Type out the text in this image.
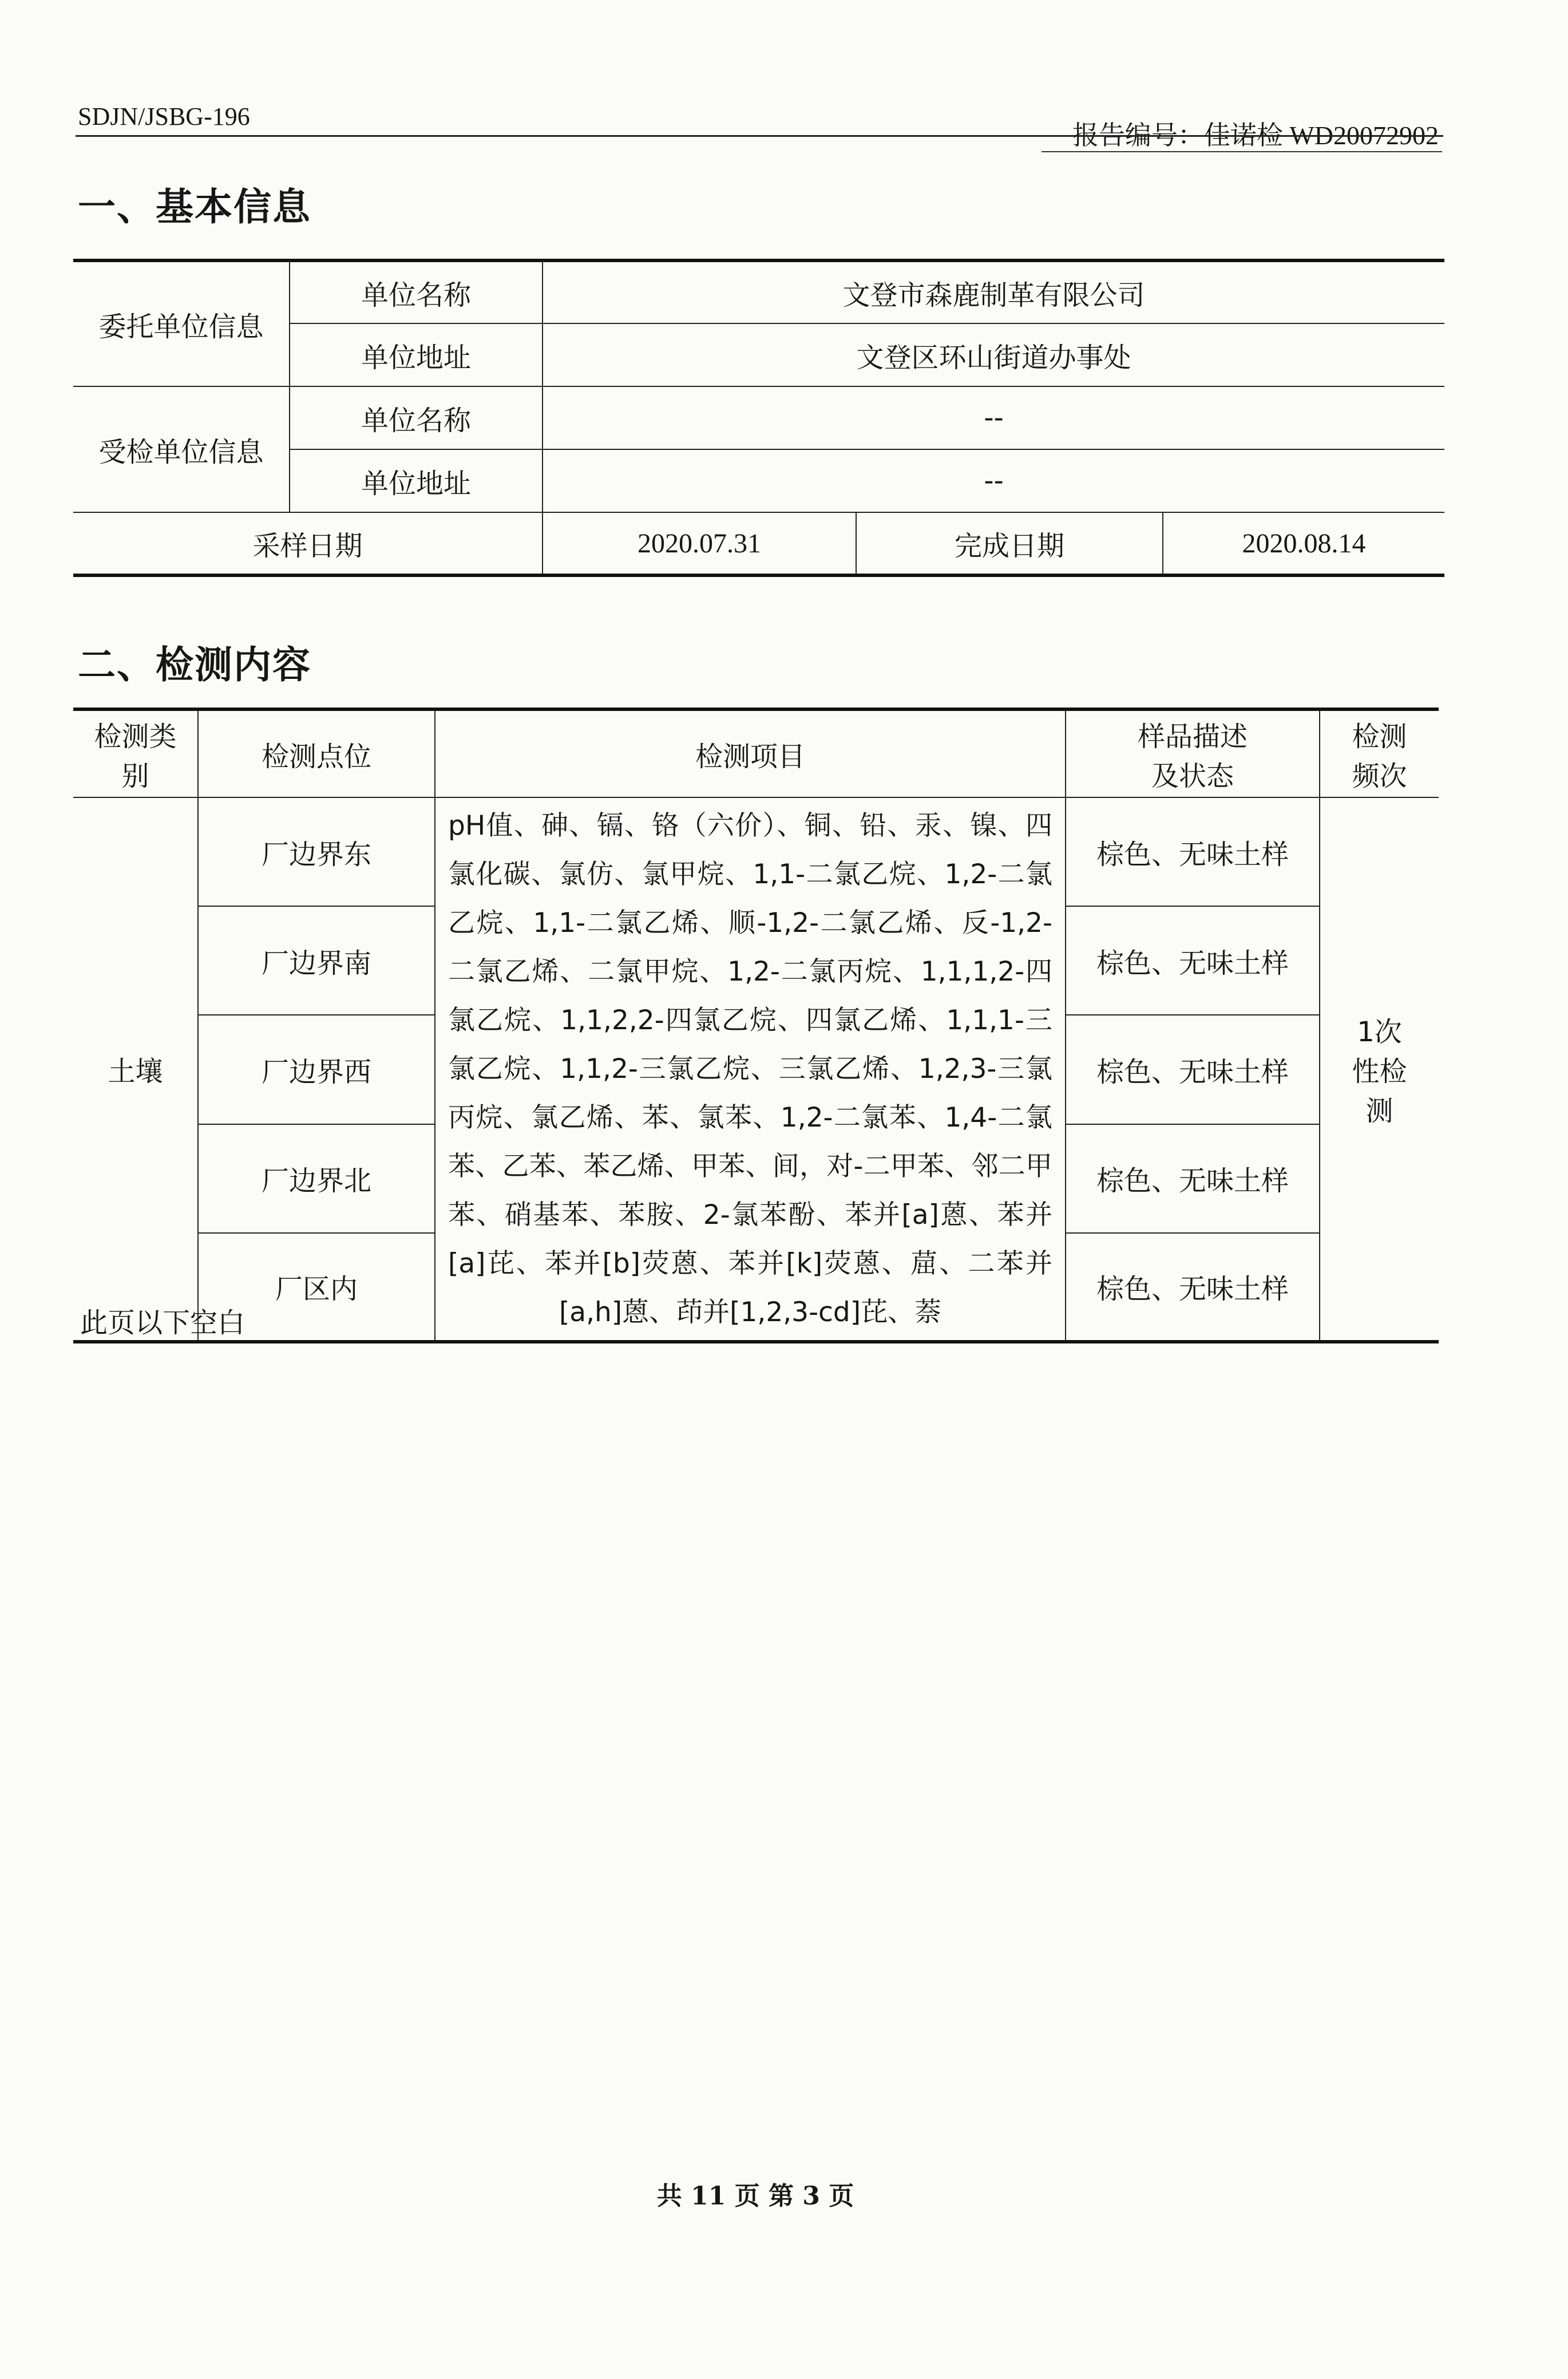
SDJN/JSBG-196
报告编号：佳诺检 WD20072902
一、基本信息
委托单位信息	单位名称	文登市森鹿制革有限公司		
	单位地址	文登区环山街道办事处		
受检单位信息	单位名称	--		
	单位地址	--		
采样日期		2020.07.31	完成日期	2020.08.14
二、检测内容
检测类别	检测点位	检测项目	样品描述及状态	检测频次
土壤	厂边界东	pH值、砷、镉、铬（六价）、铜、铅、汞、镍、四氯化碳、氯仿、氯甲烷、1,1-二氯乙烷、1,2-二氯乙烷、1,1-二氯乙烯、顺-1,2-二氯乙烯、反-1,2-二氯乙烯、二氯甲烷、1,2-二氯丙烷、1,1,1,2-四氯乙烷、1,1,2,2-四氯乙烷、四氯乙烯、1,1,1-三氯乙烷、1,1,2-三氯乙烷、三氯乙烯、1,2,3-三氯丙烷、氯乙烯、苯、氯苯、1,2-二氯苯、1,4-二氯苯、乙苯、苯乙烯、甲苯、间，对-二甲苯、邻二甲苯、硝基苯、苯胺、2-氯苯酚、苯并[a]蒽、苯并[a]芘、苯并[b]荧蒽、苯并[k]荧蒽、䓛、二苯并[a,h]蒽、茚并[1,2,3-cd]芘、萘	棕色、无味土样	1次性检测
	厂边界南		棕色、无味土样	
	厂边界西		棕色、无味土样	
	厂边界北		棕色、无味土样	
	厂区内		棕色、无味土样	
此页以下空白
共 11 页 第 3 页
